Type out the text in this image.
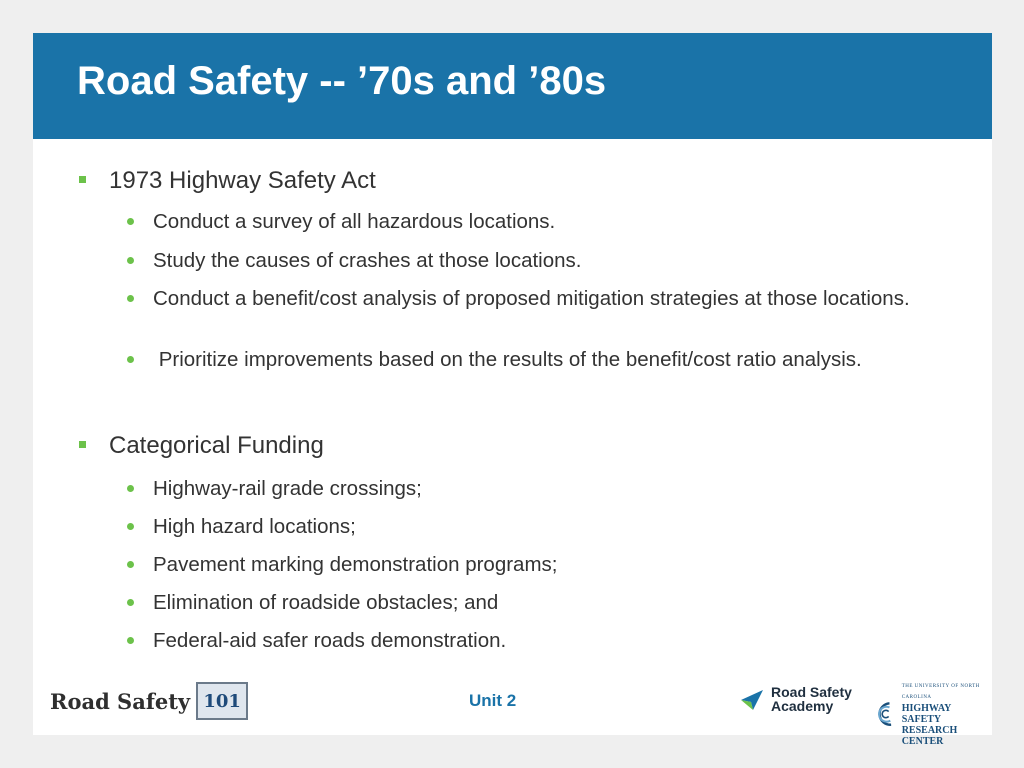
Road Safety -- ’70s and ’80s
1973 Highway Safety Act
Conduct a survey of all hazardous locations.
Study the causes of crashes at those locations.
Conduct a benefit/cost analysis of proposed mitigation strategies at those locations.
Prioritize improvements based on the results of the benefit/cost ratio analysis.
Categorical Funding
Highway-rail grade crossings;
High hazard locations;
Pavement marking demonstration programs;
Elimination of roadside obstacles; and
Federal-aid safer roads demonstration.
Road Safety 101	Unit 2	Road Safety
Academy
THE UNIVERSITY OF NORTH CAROLINA
HIGHWAY SAFETY
RESEARCH CENTER
